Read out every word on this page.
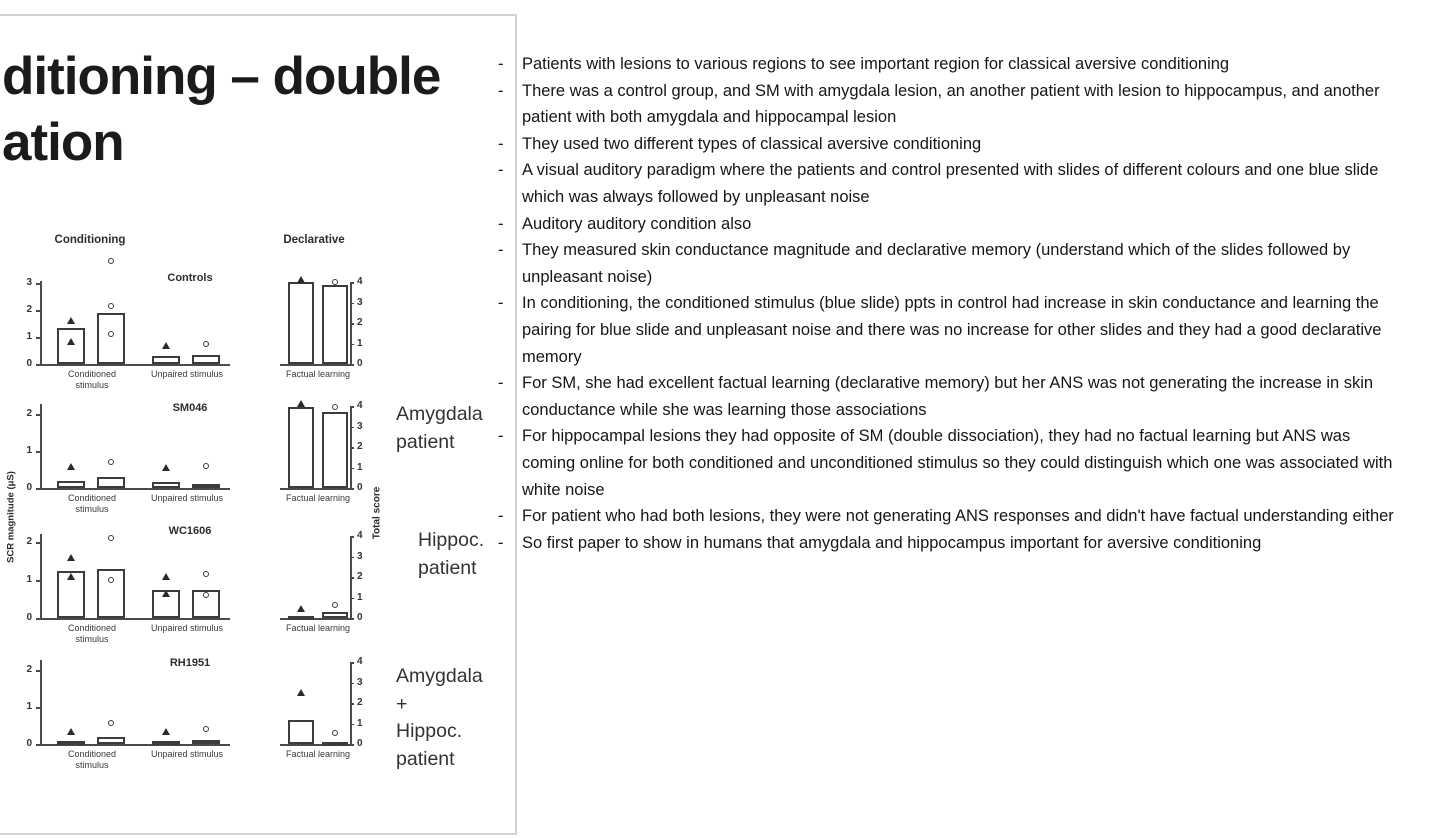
ditioning – double
ation
Conditioning	Declarative
SCR magnitude (μS)	Total score
Controls
0
1
2
3
0
1
2
3
4
Conditioned stimulus
Unpaired stimulus	Factual learning
SM046
0
1
2
0
1
2
3
4
Conditioned stimulus
Unpaired stimulus	Factual learning
WC1606
0
1
2
0
1
2
3
4
Conditioned stimulus
Unpaired stimulus	Factual learning
RH1951
0
1
2
0
1
2
3
4
Conditioned stimulus
Unpaired stimulus	Factual learning
Amygdala
patient
Hippoc.
patient
Amygdala
+
Hippoc.
patient
- Patients with lesions to various regions to see important region for classical aversive conditioning
- There was a control group, and SM with amygdala lesion, an another patient with lesion to hippocampus, and another patient with both amygdala and hippocampal lesion
- They used two different types of classical aversive conditioning
- A visual auditory paradigm where the patients and control presented with slides of different colours and one blue slide which was always followed by unpleasant noise
- Auditory auditory condition also
- They measured skin conductance magnitude and declarative memory (understand which of the slides followed by unpleasant noise)
- In conditioning, the conditioned stimulus (blue slide) ppts in control had increase in skin conductance and learning the pairing for blue slide and unpleasant noise and there was no increase for other slides and they had a good declarative memory
- For SM, she had excellent factual learning (declarative memory) but her ANS was not generating the increase in skin conductance while she was learning those associations
- For hippocampal lesions they had opposite of SM (double dissociation), they had no factual learning but ANS was coming online for both conditioned and unconditioned stimulus so they could distinguish which one was associated with white noise
- For patient who had both lesions, they were not generating ANS responses and didn't have factual understanding either
- So first paper to show in humans that amygdala and hippocampus important for aversive conditioning
